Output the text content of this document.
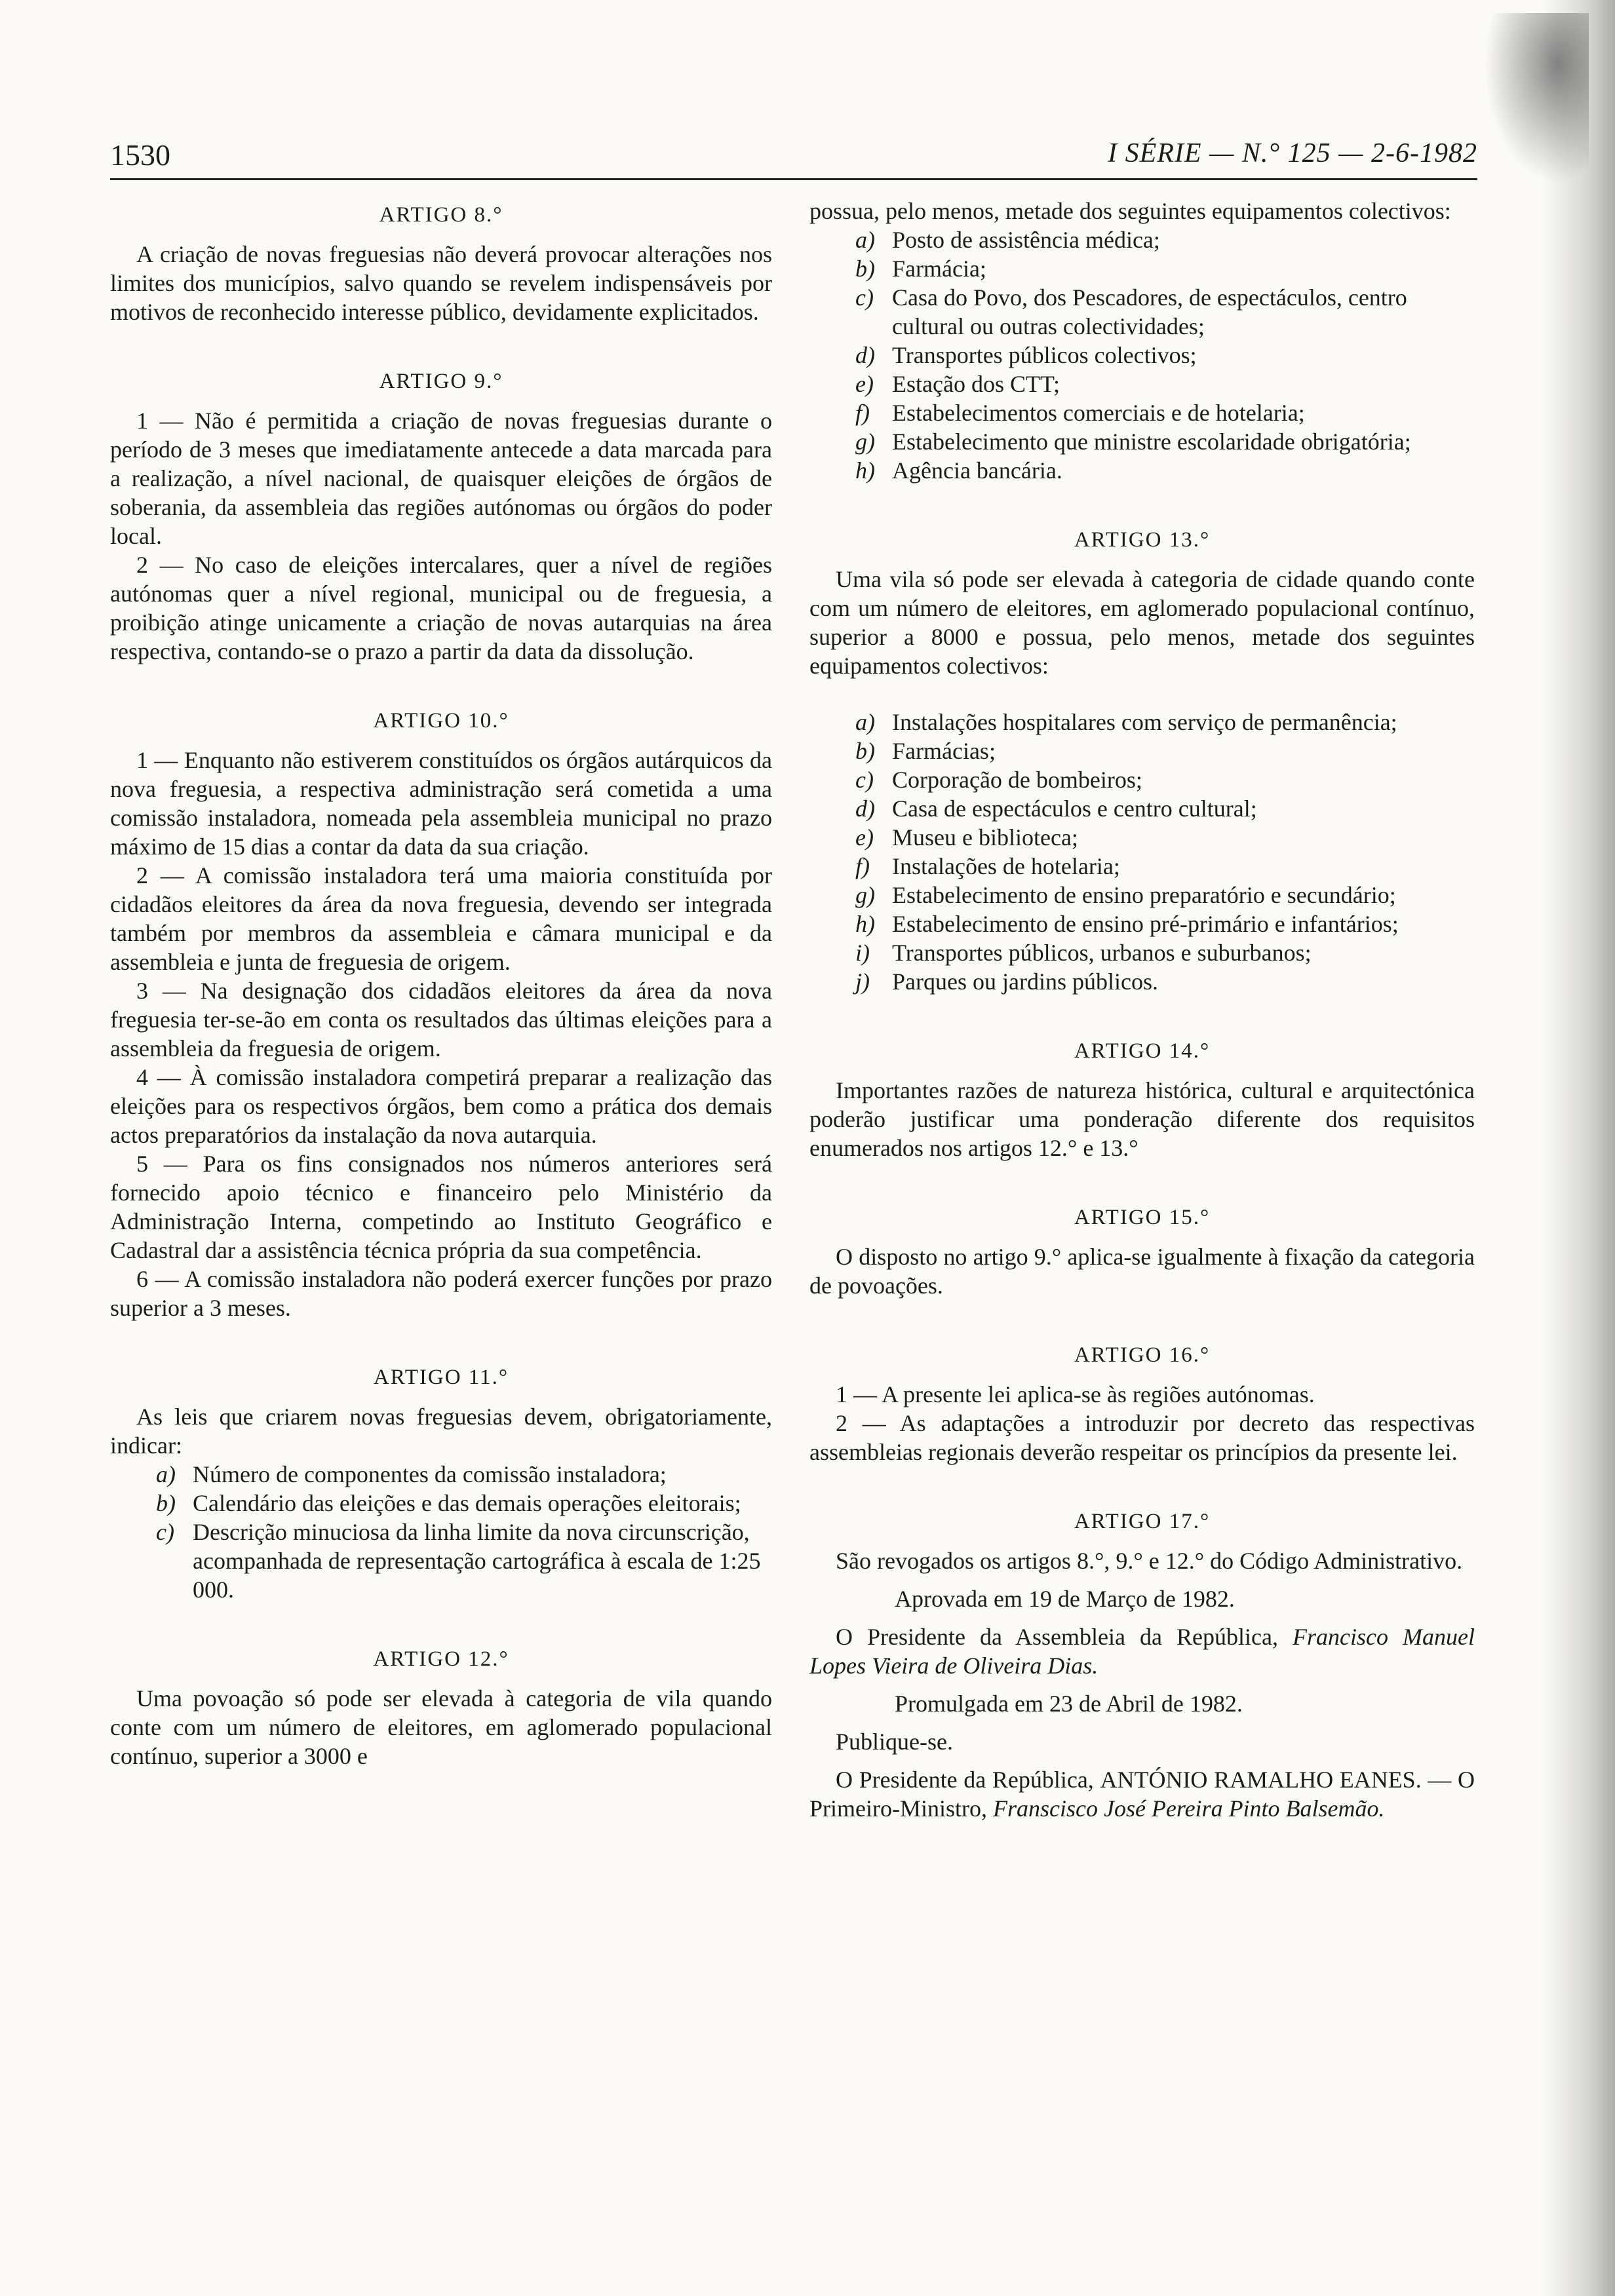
1530	I SÉRIE — N.° 125 — 2-6-1982
ARTIGO 8.°

A criação de novas freguesias não deverá provocar alterações nos limites dos municípios, salvo quando se revelem indispensáveis por motivos de reconhecido interesse público, devidamente explicitados.

ARTIGO 9.°

1 — Não é permitida a criação de novas freguesias durante o período de 3 meses que imediatamente antecede a data marcada para a realização, a nível nacional, de quaisquer eleições de órgãos de soberania, da assembleia das regiões autónomas ou órgãos do poder local.

2 — No caso de eleições intercalares, quer a nível de regiões autónomas quer a nível regional, municipal ou de freguesia, a proibição atinge unicamente a criação de novas autarquias na área respectiva, contando-se o prazo a partir da data da dissolução.

ARTIGO 10.°

1 — Enquanto não estiverem constituídos os órgãos autárquicos da nova freguesia, a respectiva administração será cometida a uma comissão instaladora, nomeada pela assembleia municipal no prazo máximo de 15 dias a contar da data da sua criação.

2 — A comissão instaladora terá uma maioria constituída por cidadãos eleitores da área da nova freguesia, devendo ser integrada também por membros da assembleia e câmara municipal e da assembleia e junta de freguesia de origem.

3 — Na designação dos cidadãos eleitores da área da nova freguesia ter-se-ão em conta os resultados das últimas eleições para a assembleia da freguesia de origem.

4 — À comissão instaladora competirá preparar a realização das eleições para os respectivos órgãos, bem como a prática dos demais actos preparatórios da instalação da nova autarquia.

5 — Para os fins consignados nos números anteriores será fornecido apoio técnico e financeiro pelo Ministério da Administração Interna, competindo ao Instituto Geográfico e Cadastral dar a assistência técnica própria da sua competência.

6 — A comissão instaladora não poderá exercer funções por prazo superior a 3 meses.

ARTIGO 11.°

As leis que criarem novas freguesias devem, obrigatoriamente, indicar:

a) Número de componentes da comissão instaladora;
b) Calendário das eleições e das demais operações eleitorais;
c) Descrição minuciosa da linha limite da nova circunscrição, acompanhada de representação cartográfica à escala de 1:25 000.
ARTIGO 12.°

Uma povoação só pode ser elevada à categoria de vila quando conte com um número de eleitores, em aglomerado populacional contínuo, superior a 3000 e

possua, pelo menos, metade dos seguintes equipamentos colectivos:

a) Posto de assistência médica;
b) Farmácia;
c) Casa do Povo, dos Pescadores, de espectáculos, centro cultural ou outras colectividades;
d) Transportes públicos colectivos;
e) Estação dos CTT;
f) Estabelecimentos comerciais e de hotelaria;
g) Estabelecimento que ministre escolaridade obrigatória;
h) Agência bancária.
ARTIGO 13.°

Uma vila só pode ser elevada à categoria de cidade quando conte com um número de eleitores, em aglomerado populacional contínuo, superior a 8000 e possua, pelo menos, metade dos seguintes equipamentos colectivos:

a) Instalações hospitalares com serviço de permanência;
b) Farmácias;
c) Corporação de bombeiros;
d) Casa de espectáculos e centro cultural;
e) Museu e biblioteca;
f) Instalações de hotelaria;
g) Estabelecimento de ensino preparatório e secundário;
h) Estabelecimento de ensino pré-primário e infantários;
i) Transportes públicos, urbanos e suburbanos;
j) Parques ou jardins públicos.
ARTIGO 14.°

Importantes razões de natureza histórica, cultural e arquitectónica poderão justificar uma ponderação diferente dos requisitos enumerados nos artigos 12.° e 13.°

ARTIGO 15.°

O disposto no artigo 9.° aplica-se igualmente à fixação da categoria de povoações.

ARTIGO 16.°

1 — A presente lei aplica-se às regiões autónomas.

2 — As adaptações a introduzir por decreto das respectivas assembleias regionais deverão respeitar os princípios da presente lei.

ARTIGO 17.°

São revogados os artigos 8.°, 9.° e 12.° do Código Administrativo.

Aprovada em 19 de Março de 1982.

O Presidente da Assembleia da República, Francisco Manuel Lopes Vieira de Oliveira Dias.

Promulgada em 23 de Abril de 1982.

Publique-se.

O Presidente da República, ANTÓNIO RAMALHO EANES. — O Primeiro-Ministro, Franscisco José Pereira Pinto Balsemão.
